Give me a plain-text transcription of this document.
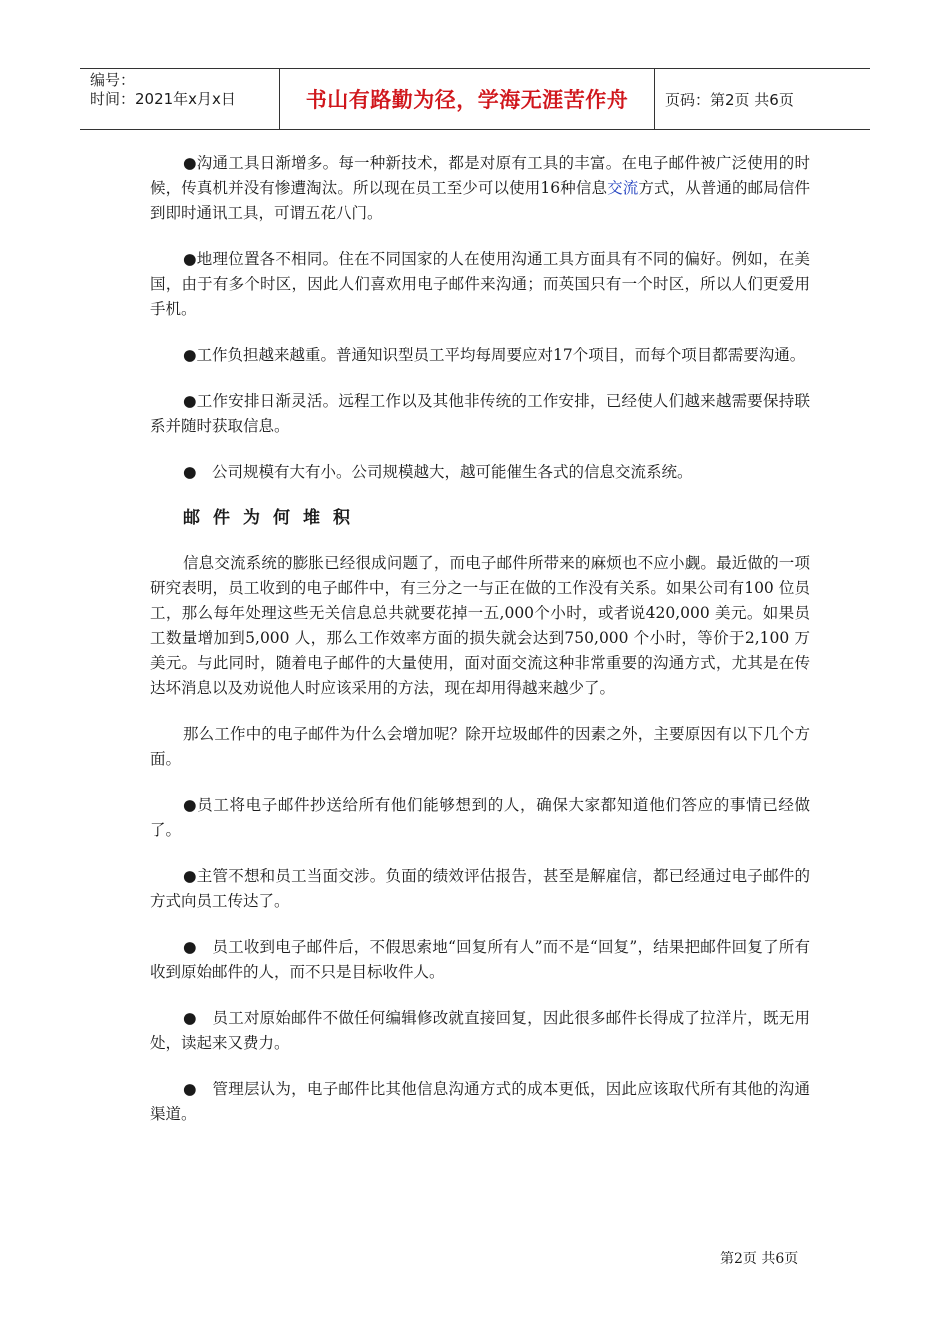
编号：
时间：2021年x月x日	书山有路勤为径，学海无涯苦作舟	页码：第2页 共6页

●沟通工具日渐增多。每一种新技术，都是对原有工具的丰富。在电子邮件被广泛使用的时候，传真机并没有惨遭淘汰。所以现在员工至少可以使用16种信息交流方式，从普通的邮局信件到即时通讯工具，可谓五花八门。

●地理位置各不相同。住在不同国家的人在使用沟通工具方面具有不同的偏好。例如，在美国，由于有多个时区，因此人们喜欢用电子邮件来沟通；而英国只有一个时区，所以人们更爱用手机。

●工作负担越来越重。普通知识型员工平均每周要应对17个项目，而每个项目都需要沟通。

●工作安排日渐灵活。远程工作以及其他非传统的工作安排，已经使人们越来越需要保持联系并随时获取信息。

●　公司规模有大有小。公司规模越大，越可能催生各式的信息交流系统。

邮件为何堆积

信息交流系统的膨胀已经很成问题了，而电子邮件所带来的麻烦也不应小觑。最近做的一项研究表明，员工收到的电子邮件中，有三分之一与正在做的工作没有关系。如果公司有100 位员工，那么每年处理这些无关信息总共就要花掉一五,000个小时，或者说420,000 美元。如果员工数量增加到5,000 人，那么工作效率方面的损失就会达到750,000 个小时，等价于2,100 万美元。与此同时，随着电子邮件的大量使用，面对面交流这种非常重要的沟通方式，尤其是在传达坏消息以及劝说他人时应该采用的方法，现在却用得越来越少了。

那么工作中的电子邮件为什么会增加呢？除开垃圾邮件的因素之外，主要原因有以下几个方面。

●员工将电子邮件抄送给所有他们能够想到的人，确保大家都知道他们答应的事情已经做了。

●主管不想和员工当面交涉。负面的绩效评估报告，甚至是解雇信，都已经通过电子邮件的方式向员工传达了。

●　员工收到电子邮件后，不假思索地“回复所有人”而不是“回复”，结果把邮件回复了所有收到原始邮件的人，而不只是目标收件人。

●　员工对原始邮件不做任何编辑修改就直接回复，因此很多邮件长得成了拉洋片，既无用处，读起来又费力。

●　管理层认为，电子邮件比其他信息沟通方式的成本更低，因此应该取代所有其他的沟通渠道。

第2页 共6页
